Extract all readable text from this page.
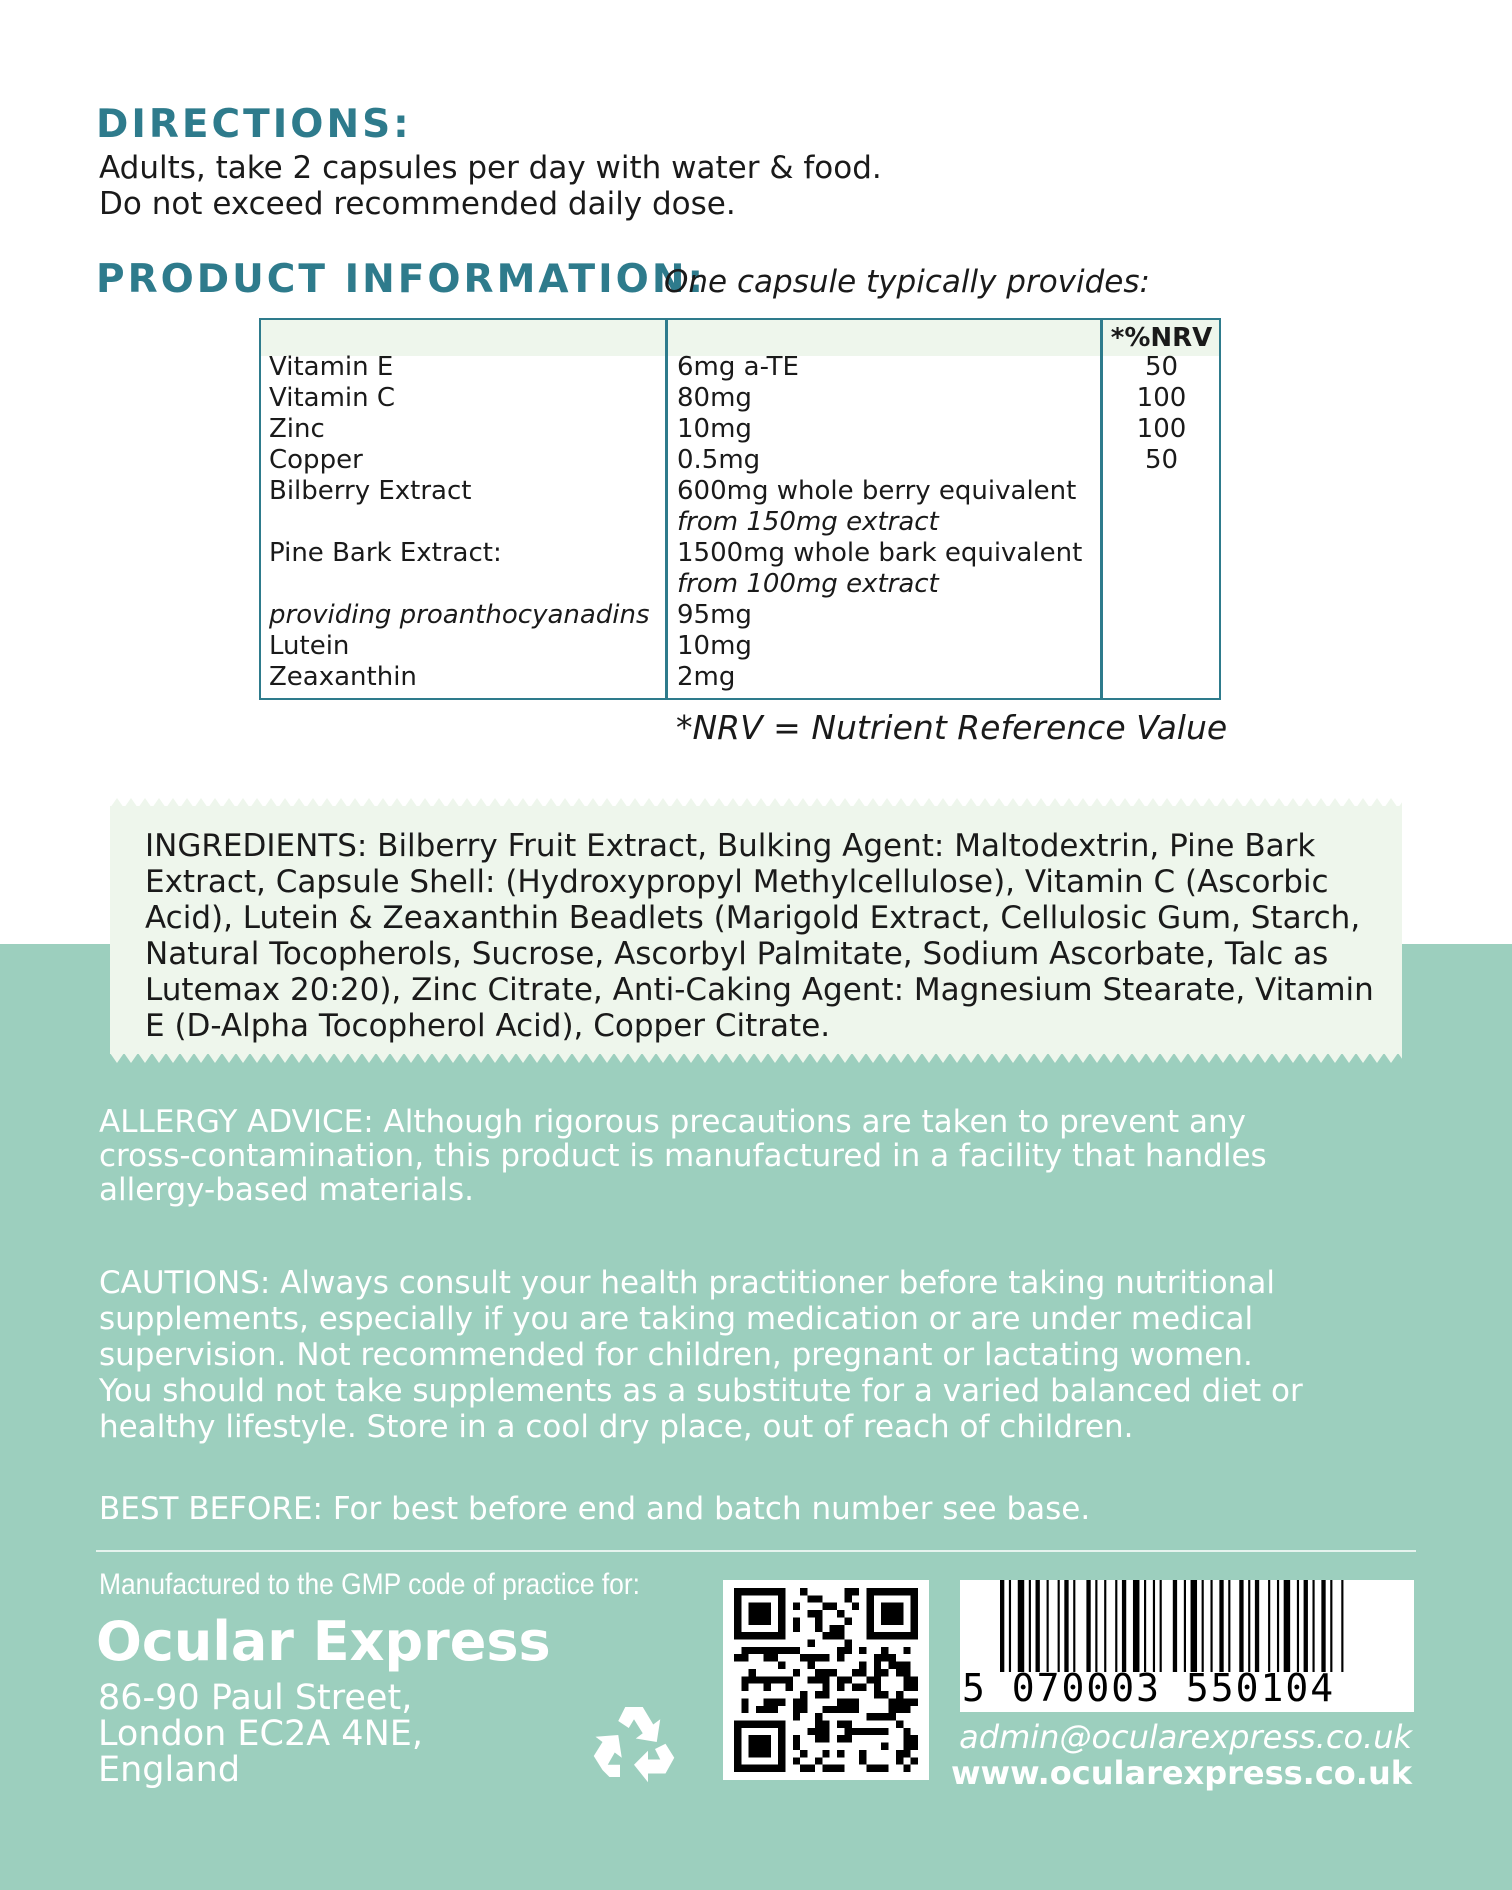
DIRECTIONS:
Adults, take 2 capsules per day with water & food.
Do not exceed recommended daily dose.
PRODUCT INFORMATION:
One capsule typically provides:
*%NRV
Vitamin E	6mg a-TE	50
Vitamin C	80mg	100
Zinc	10mg	100
Copper	0.5mg	50
Bilberry Extract	600mg whole berry equivalent
from 150mg extract
Pine Bark Extract:	1500mg whole bark equivalent
from 100mg extract
providing proanthocyanadins 95mg
Lutein	10mg
Zeaxanthin	2mg
*NRV = Nutrient Reference Value
INGREDIENTS: Bilberry Fruit Extract, Bulking Agent: Maltodextrin, Pine Bark
Extract, Capsule Shell: (Hydroxypropyl Methylcellulose), Vitamin C (Ascorbic
Acid), Lutein & Zeaxanthin Beadlets (Marigold Extract, Cellulosic Gum, Starch,
Natural Tocopherols, Sucrose, Ascorbyl Palmitate, Sodium Ascorbate, Talc as
Lutemax 20:20), Zinc Citrate, Anti-Caking Agent: Magnesium Stearate, Vitamin
E (D-Alpha Tocopherol Acid), Copper Citrate.
ALLERGY ADVICE: Although rigorous precautions are taken to prevent any
cross-contamination, this product is manufactured in a facility that handles
allergy-based materials.
CAUTIONS: Always consult your health practitioner before taking nutritional
supplements, especially if you are taking medication or are under medical
supervision. Not recommended for children, pregnant or lactating women.
You should not take supplements as a substitute for a varied balanced diet or
healthy lifestyle. Store in a cool dry place, out of reach of children.
BEST BEFORE: For best before end and batch number see base.
Manufactured to the GMP code of practice for:
Ocular Express
86-90 Paul Street,
London EC2A 4NE,
England
5 070003 550104
admin@ocularexpress.co.uk
www.ocularexpress.co.uk
